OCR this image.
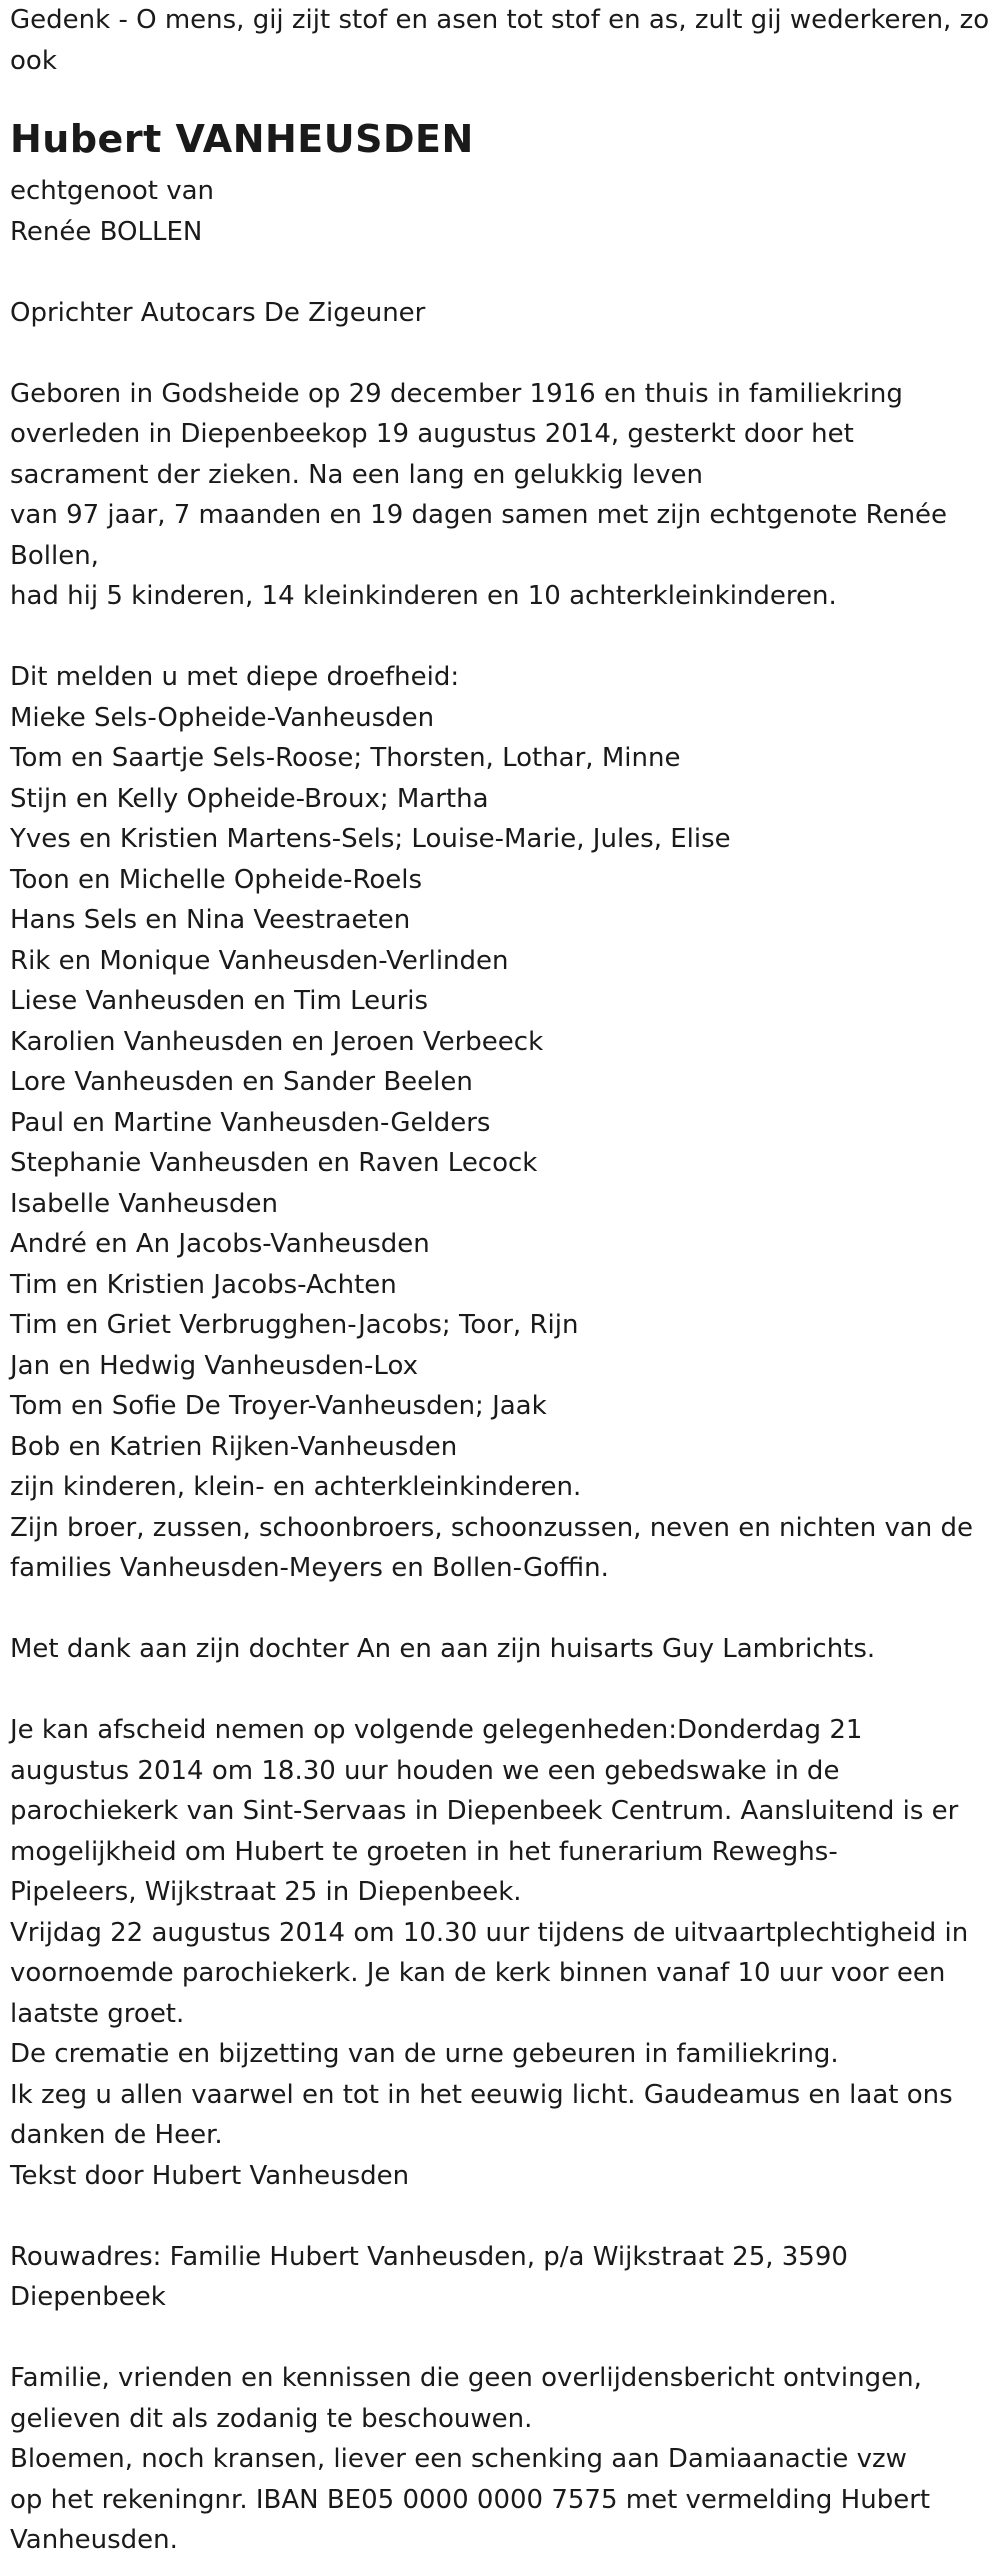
Gedenk - O mens, gij zijt stof en asen tot stof en as, zult gij wederkeren, zo ook
Hubert VANHEUSDEN
echtgenoot van
Renée BOLLEN
Oprichter Autocars De Zigeuner
Geboren in Godsheide op 29 december 1916 en thuis in familiekring
overleden in Diepenbeekop 19 augustus 2014, gesterkt door het
sacrament der zieken. Na een lang en gelukkig leven
van 97 jaar, 7 maanden en 19 dagen samen met zijn echtgenote Renée
Bollen,
had hij 5 kinderen, 14 kleinkinderen en 10 achterkleinkinderen.
Dit melden u met diepe droefheid:
Mieke Sels-Opheide-Vanheusden
Tom en Saartje Sels-Roose; Thorsten, Lothar, Minne
Stijn en Kelly Opheide-Broux; Martha
Yves en Kristien Martens-Sels; Louise-Marie, Jules, Elise
Toon en Michelle Opheide-Roels
Hans Sels en Nina Veestraeten
Rik en Monique Vanheusden-Verlinden
Liese Vanheusden en Tim Leuris
Karolien Vanheusden en Jeroen Verbeeck
Lore Vanheusden en Sander Beelen
Paul en Martine Vanheusden-Gelders
Stephanie Vanheusden en Raven Lecock
Isabelle Vanheusden
André en An Jacobs-Vanheusden
Tim en Kristien Jacobs-Achten
Tim en Griet Verbrugghen-Jacobs; Toor, Rijn
Jan en Hedwig Vanheusden-Lox
Tom en Sofie De Troyer-Vanheusden; Jaak
Bob en Katrien Rijken-Vanheusden
zijn kinderen, klein- en achterkleinkinderen.
Zijn broer, zussen, schoonbroers, schoonzussen, neven en nichten van de
families Vanheusden-Meyers en Bollen-Goffin.
Met dank aan zijn dochter An en aan zijn huisarts Guy Lambrichts.
Je kan afscheid nemen op volgende gelegenheden:Donderdag 21
augustus 2014 om 18.30 uur houden we een gebedswake in de
parochiekerk van Sint-Servaas in Diepenbeek Centrum. Aansluitend is er
mogelijkheid om Hubert te groeten in het funerarium Reweghs-
Pipeleers, Wijkstraat 25 in Diepenbeek.
Vrijdag 22 augustus 2014 om 10.30 uur tijdens de uitvaartplechtigheid in
voornoemde parochiekerk. Je kan de kerk binnen vanaf 10 uur voor een
laatste groet.
De crematie en bijzetting van de urne gebeuren in familiekring.
Ik zeg u allen vaarwel en tot in het eeuwig licht. Gaudeamus en laat ons
danken de Heer.
Tekst door Hubert Vanheusden
Rouwadres: Familie Hubert Vanheusden, p/a Wijkstraat 25, 3590
Diepenbeek
Familie, vrienden en kennissen die geen overlijdensbericht ontvingen,
gelieven dit als zodanig te beschouwen.
Bloemen, noch kransen, liever een schenking aan Damiaanactie vzw
op het rekeningnr. IBAN BE05 0000 0000 7575 met vermelding Hubert
Vanheusden.
